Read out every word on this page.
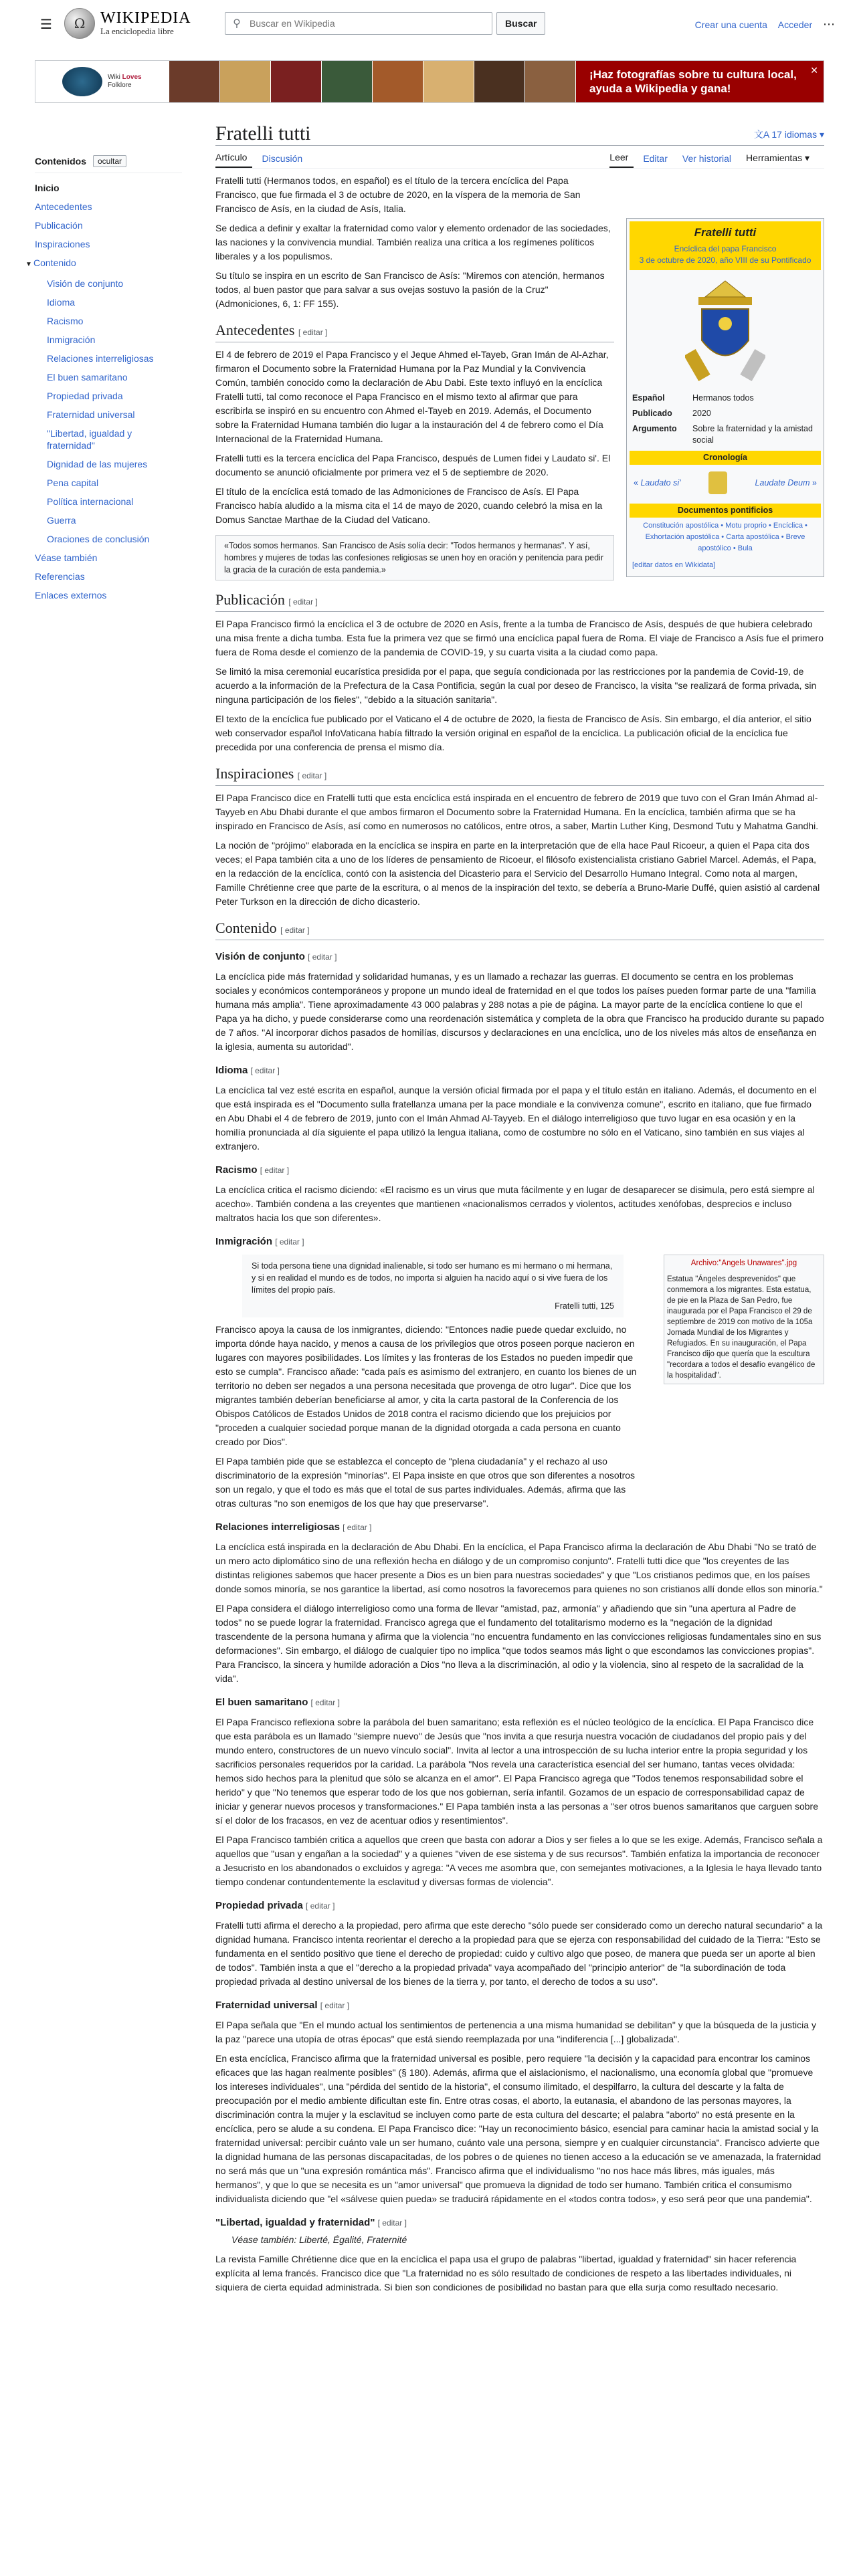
☰	Ω WIKIPEDIA
La enciclopedia libre
⚲
Buscar en Wikipedia	Buscar	Crear una cuenta Acceder ⋯
Wiki Loves
Folklore
¡Haz fotografías sobre tu cultura local, ayuda a Wikipedia y gana!
✕
Contenidos	ocultar
Inicio
Antecedentes
Publicación
Inspiraciones
▼ Contenido
Visión de conjunto
Idioma
Racismo
Inmigración
Relaciones interreligiosas
El buen samaritano
Propiedad privada
Fraternidad universal
"Libertad, igualdad y fraternidad"
Dignidad de las mujeres
Pena capital
Política internacional
Guerra
Oraciones de conclusión
Véase también
Referencias
Enlaces externos
Fratelli tutti	文A 17 idiomas ▾
Artículo	Discusión	Leer	Editar	Ver historial	Herramientas ▾
Fratelli tutti
Encíclica del papa Francisco
3 de octubre de 2020, año VIII de su Pontificado
Español	Hermanos todos
Publicado	2020
Argumento	Sobre la fraternidad y la amistad social
Cronología
« Laudato si'	Laudate Deum »
Documentos pontificios
Constitución apostólica • Motu proprio • Encíclica • Exhortación apostólica • Carta apostólica • Breve apostólico • Bula
[editar datos en Wikidata]

Fratelli tutti (Hermanos todos, en español) es el título de la tercera encíclica del Papa Francisco, que fue firmada el 3 de octubre de 2020, en la víspera de la memoria de San Francisco de Asís, en la ciudad de Asís, Italia.

Se dedica a definir y exaltar la fraternidad como valor y elemento ordenador de las sociedades, las naciones y la convivencia mundial. También realiza una crítica a los regímenes políticos liberales y a los populismos.

Su título se inspira en un escrito de San Francisco de Asís: "Miremos con atención, hermanos todos, al buen pastor que para salvar a sus ovejas sostuvo la pasión de la Cruz" (Admoniciones, 6, 1: FF 155).

Antecedentes [ editar ]

El 4 de febrero de 2019 el Papa Francisco y el Jeque Ahmed el-Tayeb, Gran Imán de Al-Azhar, firmaron el Documento sobre la Fraternidad Humana por la Paz Mundial y la Convivencia Común, también conocido como la declaración de Abu Dabi. Este texto influyó en la encíclica Fratelli tutti, tal como reconoce el Papa Francisco en el mismo texto al afirmar que para escribirla se inspiró en su encuentro con Ahmed el-Tayeb en 2019. Además, el Documento sobre la Fraternidad Humana también dio lugar a la instauración del 4 de febrero como el Día Internacional de la Fraternidad Humana.

Fratelli tutti es la tercera encíclica del Papa Francisco, después de Lumen fidei y Laudato si'. El documento se anunció oficialmente por primera vez el 5 de septiembre de 2020.

El título de la encíclica está tomado de las Admoniciones de Francisco de Asís. El Papa Francisco había aludido a la misma cita el 14 de mayo de 2020, cuando celebró la misa en la Domus Sanctae Marthae de la Ciudad del Vaticano.

«Todos somos hermanos. San Francisco de Asís solía decir: "Todos hermanos y hermanas". Y así, hombres y mujeres de todas las confesiones religiosas se unen hoy en oración y penitencia para pedir la gracia de la curación de esta pandemia.»
Publicación [ editar ]

El Papa Francisco firmó la encíclica el 3 de octubre de 2020 en Asís, frente a la tumba de Francisco de Asís, después de que hubiera celebrado una misa frente a dicha tumba. Esta fue la primera vez que se firmó una encíclica papal fuera de Roma. El viaje de Francisco a Asís fue el primero fuera de Roma desde el comienzo de la pandemia de COVID-19, y su cuarta visita a la ciudad como papa.

Se limitó la misa ceremonial eucarística presidida por el papa, que seguía condicionada por las restricciones por la pandemia de Covid-19, de acuerdo a la información de la Prefectura de la Casa Pontificia, según la cual por deseo de Francisco, la visita "se realizará de forma privada, sin ninguna participación de los fieles", "debido a la situación sanitaria".

El texto de la encíclica fue publicado por el Vaticano el 4 de octubre de 2020, la fiesta de Francisco de Asís. Sin embargo, el día anterior, el sitio web conservador español InfoVaticana había filtrado la versión original en español de la encíclica. La publicación oficial de la encíclica fue precedida por una conferencia de prensa el mismo día.

Inspiraciones [ editar ]

El Papa Francisco dice en Fratelli tutti que esta encíclica está inspirada en el encuentro de febrero de 2019 que tuvo con el Gran Imán Ahmad al-Tayyeb en Abu Dhabi durante el que ambos firmaron el Documento sobre la Fraternidad Humana. En la encíclica, también afirma que se ha inspirado en Francisco de Asís, así como en numerosos no católicos, entre otros, a saber, Martin Luther King, Desmond Tutu y Mahatma Gandhi.

La noción de "prójimo" elaborada en la encíclica se inspira en parte en la interpretación que de ella hace Paul Ricoeur, a quien el Papa cita dos veces; el Papa también cita a uno de los líderes de pensamiento de Ricoeur, el filósofo existencialista cristiano Gabriel Marcel. Además, el Papa, en la redacción de la encíclica, contó con la asistencia del Dicasterio para el Servicio del Desarrollo Humano Integral. Como nota al margen, Famille Chrétienne cree que parte de la escritura, o al menos de la inspiración del texto, se debería a Bruno-Marie Duffé, quien asistió al cardenal Peter Turkson en la dirección de dicho dicasterio.

Contenido [ editar ]
Visión de conjunto [ editar ]

La encíclica pide más fraternidad y solidaridad humanas, y es un llamado a rechazar las guerras. El documento se centra en los problemas sociales y económicos contemporáneos y propone un mundo ideal de fraternidad en el que todos los países pueden formar parte de una "familia humana más amplia". Tiene aproximadamente 43 000 palabras y 288 notas a pie de página. La mayor parte de la encíclica contiene lo que el Papa ya ha dicho, y puede considerarse como una reordenación sistemática y completa de la obra que Francisco ha producido durante su papado de 7 años. "Al incorporar dichos pasados de homilías, discursos y declaraciones en una encíclica, uno de los niveles más altos de enseñanza en la iglesia, aumenta su autoridad".

Idioma [ editar ]

La encíclica tal vez esté escrita en español, aunque la versión oficial firmada por el papa y el título están en italiano. Además, el documento en el que está inspirada es el "Documento sulla fratellanza umana per la pace mondiale e la convivenza comune", escrito en italiano, que fue firmado en Abu Dhabi el 4 de febrero de 2019, junto con el Imán Ahmad Al-Tayyeb. En el diálogo interreligioso que tuvo lugar en esa ocasión y en la homilía pronunciada al día siguiente el papa utilizó la lengua italiana, como de costumbre no sólo en el Vaticano, sino también en sus viajes al extranjero.

Racismo [ editar ]

La encíclica critica el racismo diciendo: «El racismo es un virus que muta fácilmente y en lugar de desaparecer se disimula, pero está siempre al acecho». También condena a las creyentes que mantienen «nacionalismos cerrados y violentos, actitudes xenófobas, desprecios e incluso maltratos hacia los que son diferentes».

Inmigración [ editar ]
Archivo:"Angels Unawares".jpg
Estatua "Ángeles desprevenidos" que conmemora a los migrantes. Esta estatua, de pie en la Plaza de San Pedro, fue inaugurada por el Papa Francisco el 29 de septiembre de 2019 con motivo de la 105a Jornada Mundial de los Migrantes y Refugiados. En su inauguración, el Papa Francisco dijo que quería que la escultura "recordara a todos el desafío evangélico de la hospitalidad".
Si toda persona tiene una dignidad inalienable, si todo ser humano es mi hermano o mi hermana, y si en realidad el mundo es de todos, no importa si alguien ha nacido aquí o si vive fuera de los límites del propio país.
Fratelli tutti, 125

Francisco apoya la causa de los inmigrantes, diciendo: "Entonces nadie puede quedar excluido, no importa dónde haya nacido, y menos a causa de los privilegios que otros poseen porque nacieron en lugares con mayores posibilidades. Los límites y las fronteras de los Estados no pueden impedir que esto se cumpla". Francisco añade: "cada país es asimismo del extranjero, en cuanto los bienes de un territorio no deben ser negados a una persona necesitada que provenga de otro lugar". Dice que los migrantes también deberían beneficiarse al amor, y cita la carta pastoral de la Conferencia de los Obispos Católicos de Estados Unidos de 2018 contra el racismo diciendo que los prejuicios por "proceden a cualquier sociedad porque manan de la dignidad otorgada a cada persona en cuanto creado por Dios".

El Papa también pide que se establezca el concepto de "plena ciudadanía" y el rechazo al uso discriminatorio de la expresión "minorías". El Papa insiste en que otros que son diferentes a nosotros son un regalo, y que el todo es más que el total de sus partes individuales. Además, afirma que las otras culturas "no son enemigos de los que hay que preservarse".

Relaciones interreligiosas [ editar ]

La encíclica está inspirada en la declaración de Abu Dhabi. En la encíclica, el Papa Francisco afirma la declaración de Abu Dhabi "No se trató de un mero acto diplomático sino de una reflexión hecha en diálogo y de un compromiso conjunto". Fratelli tutti dice que "los creyentes de las distintas religiones sabemos que hacer presente a Dios es un bien para nuestras sociedades" y que "Los cristianos pedimos que, en los países donde somos minoría, se nos garantice la libertad, así como nosotros la favorecemos para quienes no son cristianos allí donde ellos son minoría."

El Papa considera el diálogo interreligioso como una forma de llevar "amistad, paz, armonía" y añadiendo que sin "una apertura al Padre de todos" no se puede lograr la fraternidad. Francisco agrega que el fundamento del totalitarismo moderno es la "negación de la dignidad trascendente de la persona humana y afirma que la violencia "no encuentra fundamento en las convicciones religiosas fundamentales sino en sus deformaciones". Sin embargo, el diálogo de cualquier tipo no implica "que todos seamos más light o que escondamos las convicciones propias". Para Francisco, la sincera y humilde adoración a Dios "no lleva a la discriminación, al odio y la violencia, sino al respeto de la sacralidad de la vida".

El buen samaritano [ editar ]

El Papa Francisco reflexiona sobre la parábola del buen samaritano; esta reflexión es el núcleo teológico de la encíclica. El Papa Francisco dice que esta parábola es un llamado "siempre nuevo" de Jesús que "nos invita a que resurja nuestra vocación de ciudadanos del propio país y del mundo entero, constructores de un nuevo vínculo social". Invita al lector a una introspección de su lucha interior entre la propia seguridad y los sacrificios personales requeridos por la caridad. La parábola "Nos revela una característica esencial del ser humano, tantas veces olvidada: hemos sido hechos para la plenitud que sólo se alcanza en el amor". El Papa Francisco agrega que "Todos tenemos responsabilidad sobre el herido" y que "No tenemos que esperar todo de los que nos gobiernan, sería infantil. Gozamos de un espacio de corresponsabilidad capaz de iniciar y generar nuevos procesos y transformaciones." El Papa también insta a las personas a "ser otros buenos samaritanos que carguen sobre sí el dolor de los fracasos, en vez de acentuar odios y resentimientos".

El Papa Francisco también critica a aquellos que creen que basta con adorar a Dios y ser fieles a lo que se les exige. Además, Francisco señala a aquellos que "usan y engañan a la sociedad" y a quienes "viven de ese sistema y de sus recursos". También enfatiza la importancia de reconocer a Jesucristo en los abandonados o excluidos y agrega: "A veces me asombra que, con semejantes motivaciones, a la Iglesia le haya llevado tanto tiempo condenar contundentemente la esclavitud y diversas formas de violencia".

Propiedad privada [ editar ]

Fratelli tutti afirma el derecho a la propiedad, pero afirma que este derecho "sólo puede ser considerado como un derecho natural secundario" a la dignidad humana. Francisco intenta reorientar el derecho a la propiedad para que se ejerza con responsabilidad del cuidado de la Tierra: "Esto se fundamenta en el sentido positivo que tiene el derecho de propiedad: cuido y cultivo algo que poseo, de manera que pueda ser un aporte al bien de todos". También insta a que el "derecho a la propiedad privada" vaya acompañado del "principio anterior" de "la subordinación de toda propiedad privada al destino universal de los bienes de la tierra y, por tanto, el derecho de todos a su uso".

Fraternidad universal [ editar ]

El Papa señala que "En el mundo actual los sentimientos de pertenencia a una misma humanidad se debilitan" y que la búsqueda de la justicia y la paz "parece una utopía de otras épocas" que está siendo reemplazada por una "indiferencia [...] globalizada".

En esta encíclica, Francisco afirma que la fraternidad universal es posible, pero requiere "la decisión y la capacidad para encontrar los caminos eficaces que las hagan realmente posibles" (§ 180). Además, afirma que el aislacionismo, el nacionalismo, una economía global que "promueve los intereses individuales", una "pérdida del sentido de la historia", el consumo ilimitado, el despilfarro, la cultura del descarte y la falta de preocupación por el medio ambiente dificultan este fin. Entre otras cosas, el aborto, la eutanasia, el abandono de las personas mayores, la discriminación contra la mujer y la esclavitud se incluyen como parte de esta cultura del descarte; el palabra "aborto" no está presente en la encíclica, pero se alude a su condena. El Papa Francisco dice: "Hay un reconocimiento básico, esencial para caminar hacia la amistad social y la fraternidad universal: percibir cuánto vale un ser humano, cuánto vale una persona, siempre y en cualquier circunstancia". Francisco advierte que la dignidad humana de las personas discapacitadas, de los pobres o de quienes no tienen acceso a la educación se ve amenazada, la fraternidad no será más que un "una expresión romántica más". Francisco afirma que el individualismo "no nos hace más libres, más iguales, más hermanos", y que lo que se necesita es un "amor universal" que promueva la dignidad de todo ser humano. También critica el consumismo individualista diciendo que "el «sálvese quien pueda» se traducirá rápidamente en el «todos contra todos», y eso será peor que una pandemia".

"Libertad, igualdad y fraternidad" [ editar ]
Véase también: Liberté, Égalité, Fraternité

La revista Famille Chrétienne dice que en la encíclica el papa usa el grupo de palabras "libertad, igualdad y fraternidad" sin hacer referencia explícita al lema francés. Francisco dice que "La fraternidad no es sólo resultado de condiciones de respeto a las libertades individuales, ni siquiera de cierta equidad administrada. Si bien son condiciones de posibilidad no bastan para que ella surja como resultado necesario.
